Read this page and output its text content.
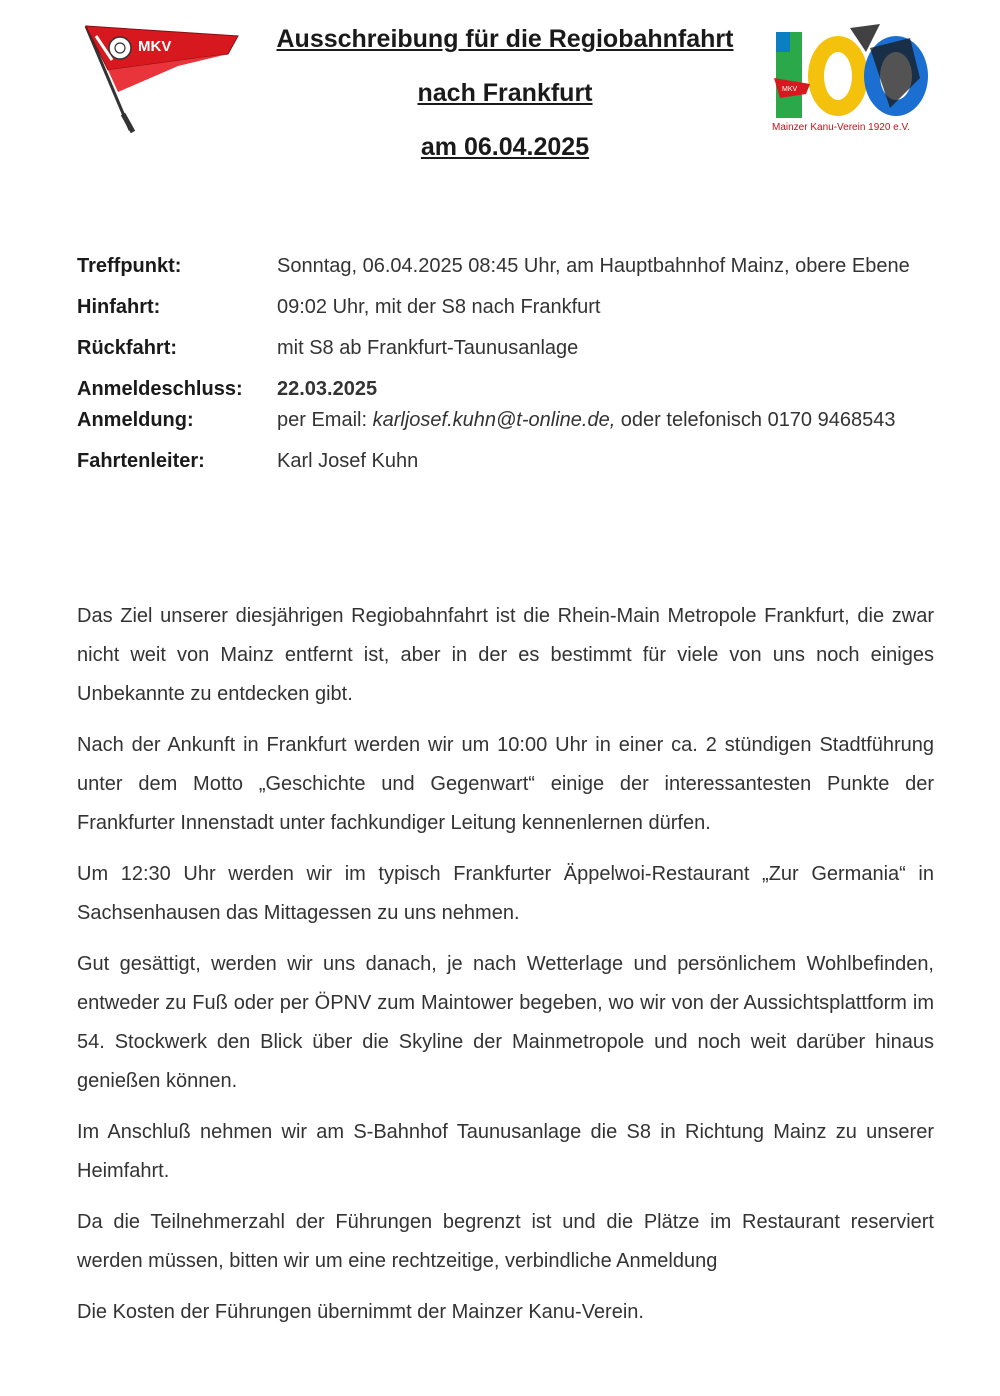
MKV	Ausschreibung für die Regiobahnfahrt

nach Frankfurt

am 06.04.2025

MKV
100
Mainzer Kanu-Verein 1920 e.V.
Treffpunkt:	Sonntag, 06.04.2025 08:45 Uhr, am Hauptbahnhof Mainz, obere Ebene
Hinfahrt:	09:02 Uhr, mit der S8 nach Frankfurt
Rückfahrt:	mit S8 ab Frankfurt-Taunusanlage
Anmeldeschluss:	22.03.2025
Anmeldung:	per Email: karljosef.kuhn@t-online.de, oder telefonisch 0170 9468543
Fahrtenleiter:	Karl Josef Kuhn

Das Ziel unserer diesjährigen Regiobahnfahrt ist die Rhein-Main Metropole Frankfurt, die zwar nicht weit von Mainz entfernt ist, aber in der es bestimmt für viele von uns noch einiges Unbekannte zu entdecken gibt.

Nach der Ankunft in Frankfurt werden wir um 10:00 Uhr in einer ca. 2 stündigen Stadtführung unter dem Motto „Geschichte und Gegenwart“ einige der interessantesten Punkte der Frankfurter Innenstadt unter fachkundiger Leitung kennenlernen dürfen.

Um 12:30 Uhr werden wir im typisch Frankfurter Äppelwoi-Restaurant „Zur Germania“ in Sachsenhausen das Mittagessen zu uns nehmen.

Gut gesättigt, werden wir uns danach, je nach Wetterlage und persönlichem Wohlbefinden, entweder zu Fuß oder per ÖPNV zum Maintower begeben, wo wir von der Aussichtsplattform im 54. Stockwerk den Blick über die Skyline der Mainmetropole und noch weit darüber hinaus genießen können.

Im Anschluß nehmen wir am S-Bahnhof Taunusanlage die S8 in Richtung Mainz zu unserer Heimfahrt.

Da die Teilnehmerzahl der Führungen begrenzt ist und die Plätze im Restaurant reserviert werden müssen, bitten wir um eine rechtzeitige, verbindliche Anmeldung

Die Kosten der Führungen übernimmt der Mainzer Kanu-Verein.
